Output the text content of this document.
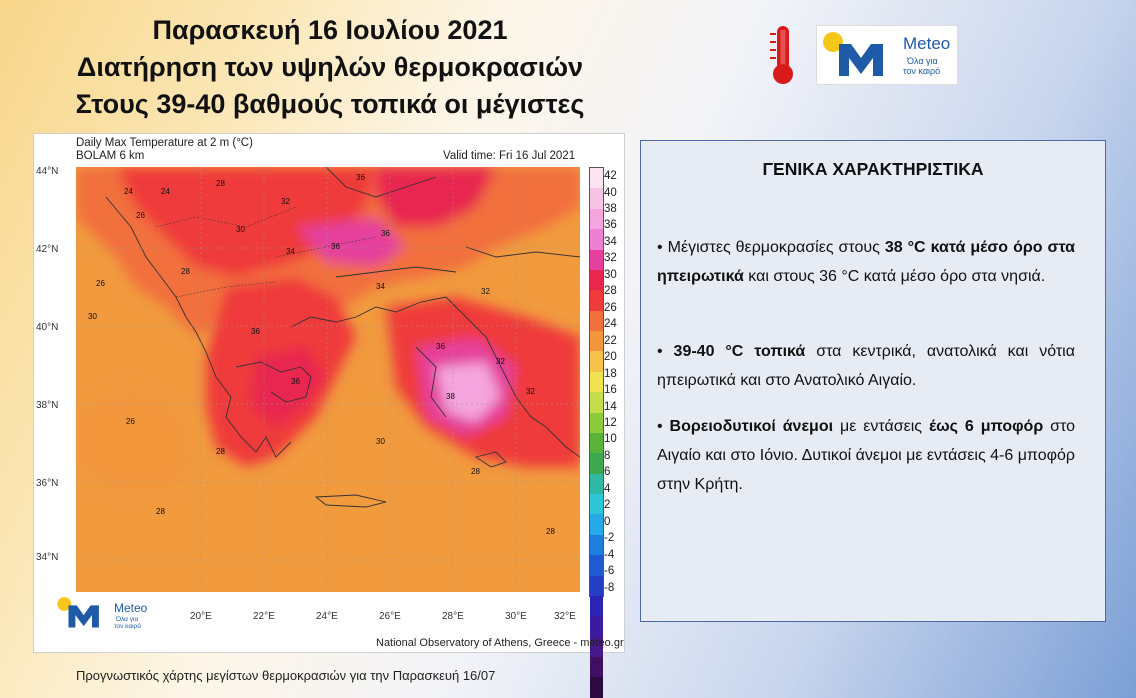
Παρασκευή 16 Ιουλίου 2021
Διατήρηση των υψηλών θερμοκρασιών
Στους 39-40 βαθμούς τοπικά οι μέγιστες
Meteo
Όλα για
τον καιρό
Daily Max Temperature at 2 m (°C)
BOLAM 6 km	Valid time: Fri 16 Jul 2021
24	24
28
32
36
26
30
34
36
36
26
28
34
32
30
36
36
32
36
38
32
26
28
30
28
28
28
44°N
42°N
40°N
38°N
36°N
34°N
20°E	22°E	24°E	26°E	28°E	30°E	32°E
42
40
38
36
34
32
30
28
26
24
22
20
18
16
14
12
10
8
6
4
2
0
-2
-4
-6
-8
Meteo
Όλα για
τον καιρό
National Observatory of Athens, Greece - meteo.gr
Προγνωστικός χάρτης μεγίστων θερμοκρασιών για την Παρασκευή 16/07
ΓΕΝΙΚΑ ΧΑΡΑΚΤΗΡΙΣΤΙΚΑ
• Μέγιστες θερμοκρασίες στους 38 °C κατά μέσο όρο στα ηπειρωτικά και στους 36 °C κατά μέσο όρο στα νησιά.
• 39-40 °C τοπικά στα κεντρικά, ανατολικά και νότια ηπειρωτικά και στο Ανατολικό Αιγαίο.
• Βορειοδυτικοί άνεμοι με εντάσεις έως 6 μποφόρ στο Αιγαίο και στο Ιόνιο. Δυτικοί άνεμοι με εντάσεις 4-6 μποφόρ στην Κρήτη.
